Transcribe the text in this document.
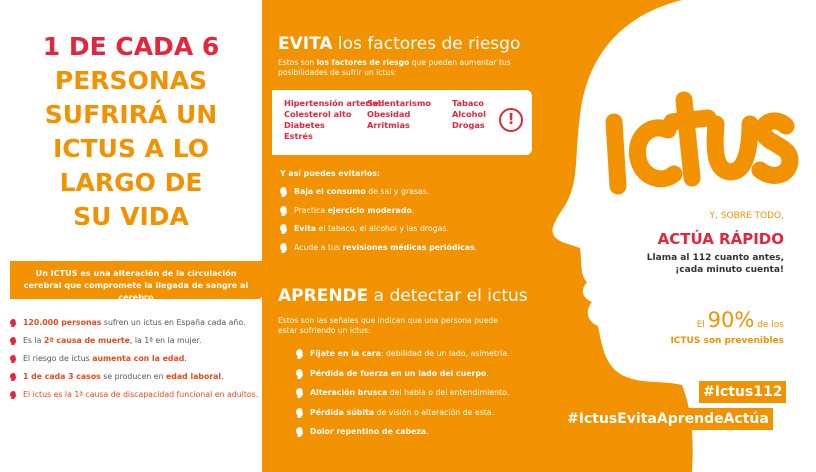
1 DE CADA 6
PERSONAS
SUFRIRÁ UN
ICTUS A LO
LARGO DE
SU VIDA
Un ICTUS es una alteración de la circulación cerebral que compromete la llegada de sangre al cerebro
120.000 personas sufren un ictus en España cada año.
Es la 2ª causa de muerte, la 1ª en la mujer.
El riesgo de ictus aumenta con la edad.
1 de cada 3 casos se producen en edad laboral.
El ictus es la 1ª causa de discapacidad funcional en adultos.
EVITA los factores de riesgo
Estos son los factores de riesgo que pueden aumentar tus posibilidades de sufrir un ictus:
Hipertensión arterial
Colesterol alto
Diabetes
Estrés
Sedentarismo
Obesidad
Arritmias
Tabaco
Alcohol
Drogas	!
Y así puedes evitarlos:
Baja el consumo de sal y grasas.
Practica ejercicio moderado.
Evita el tabaco, el alcohol y las drogas.
Acude a tus revisiones médicas periódicas.
APRENDE a detectar el ictus
Estos son las señales que indican que una persona puede estar sufriendo un ictus:
Fíjate en la cara: debilidad de un lado, asimetría.
Pérdida de fuerza en un lado del cuerpo.
Alteración brusca del habla o del entendimiento.
Pérdida súbita de visión o alteración de esta.
Dolor repentino de cabeza.
Y, SOBRE TODO,
ACTÚA RÁPIDO
Llama al 112 cuanto antes,
¡cada minuto cuenta!
El 90% de los
ICTUS son prevenibles
#Ictus112
#IctusEvitaAprendeActúa
